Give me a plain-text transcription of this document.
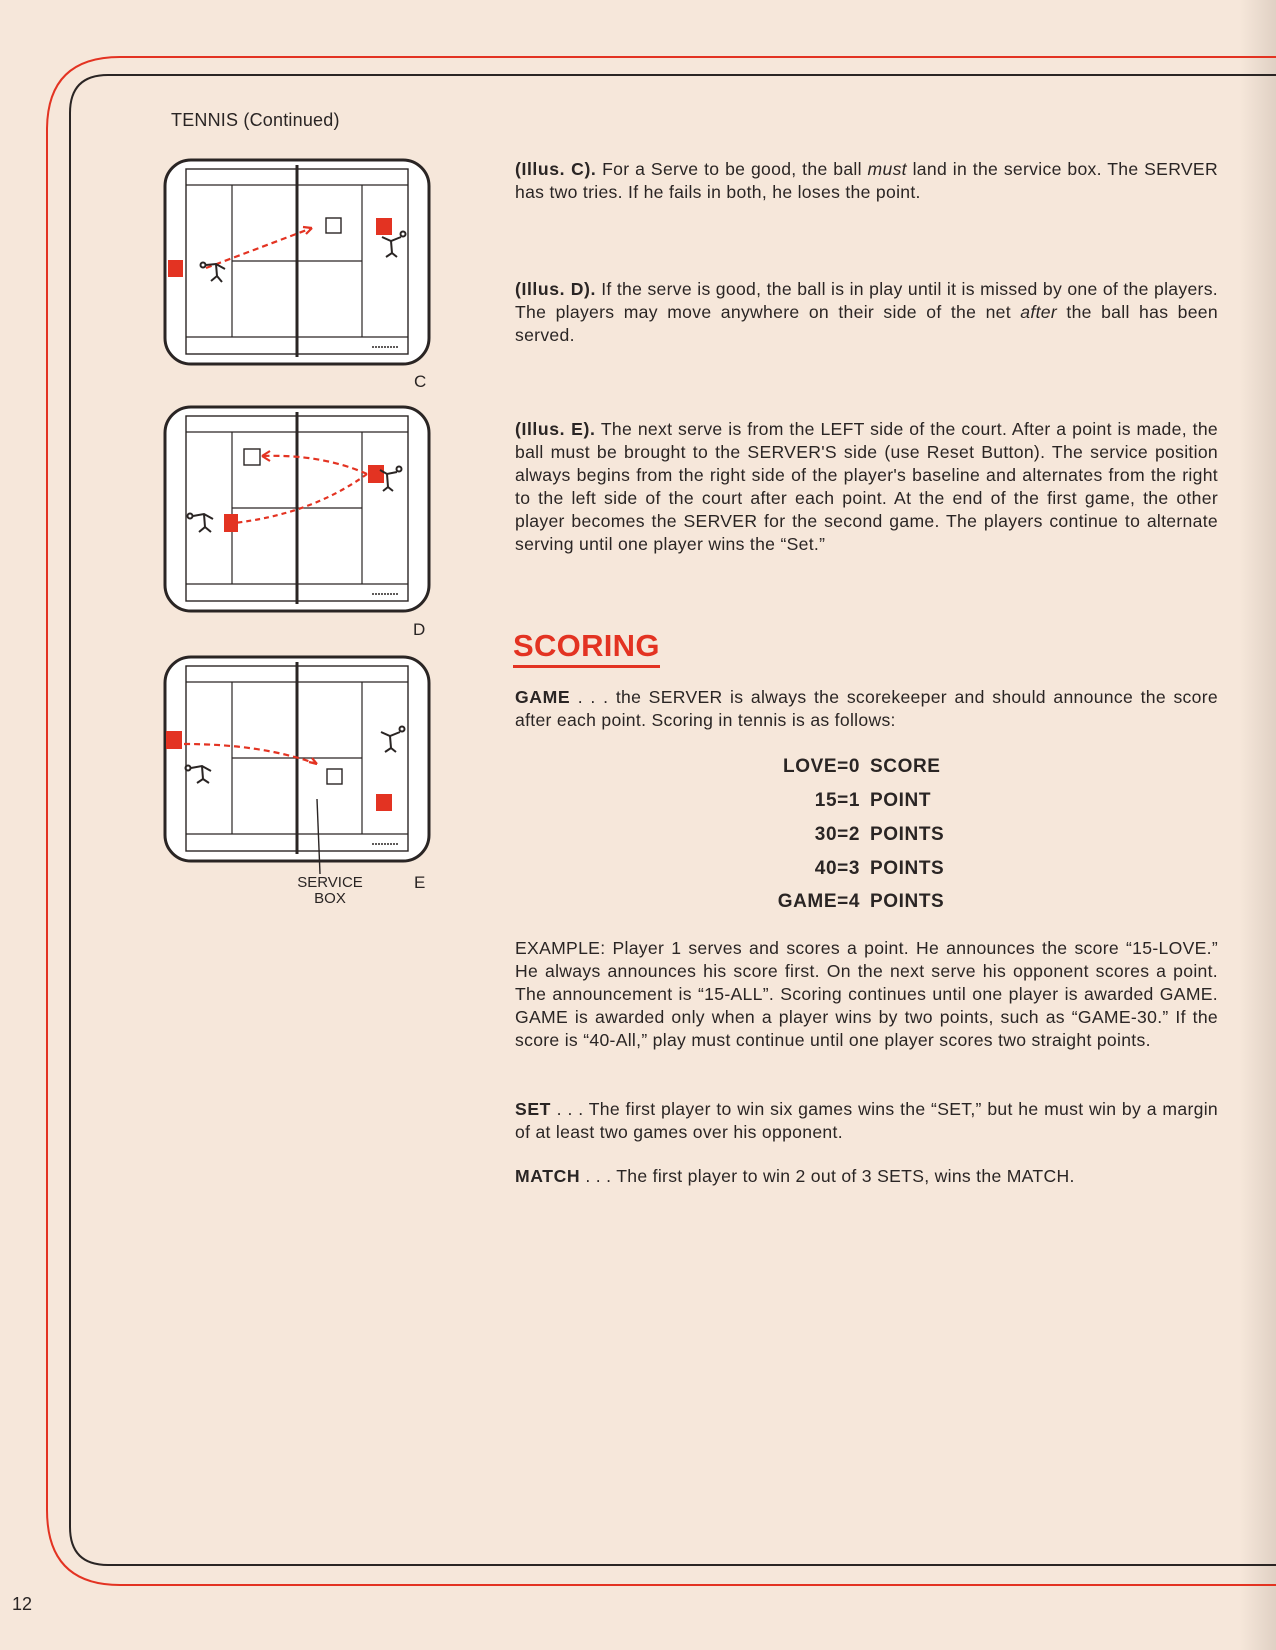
TENNIS (Continued)
C
D
E
SERVICE
BOX

(Illus. C). For a Serve to be good, the ball must land in the service box. The SERVER has two tries. If he fails in both, he loses the point.

(Illus. D). If the serve is good, the ball is in play until it is missed by one of the players. The players may move anywhere on their side of the net after the ball has been served.

(Illus. E). The next serve is from the LEFT side of the court. After a point is made, the ball must be brought to the SERVER'S side (use Reset Button). The service position always begins from the right side of the player's baseline and alternates from the right to the left side of the court after each point. At the end of the first game, the other player becomes the SERVER for the second game. The players continue to alternate serving until one player wins the “Set.”

SCORING

GAME . . . the SERVER is always the scorekeeper and should announce the score after each point. Scoring in tennis is as follows:

LOVE=0 SCORE
15=1 POINT
30=2 POINTS
40=3 POINTS
GAME=4 POINTS

EXAMPLE: Player 1 serves and scores a point. He announces the score “15-LOVE.” He always announces his score first. On the next serve his opponent scores a point. The announcement is “15-ALL”. Scoring continues until one player is awarded GAME. GAME is awarded only when a player wins by two points, such as “GAME-30.” If the score is “40-All,” play must continue until one player scores two straight points.

SET . . . The first player to win six games wins the “SET,” but he must win by a margin of at least two games over his opponent.

MATCH . . . The first player to win 2 out of 3 SETS, wins the MATCH.

12
